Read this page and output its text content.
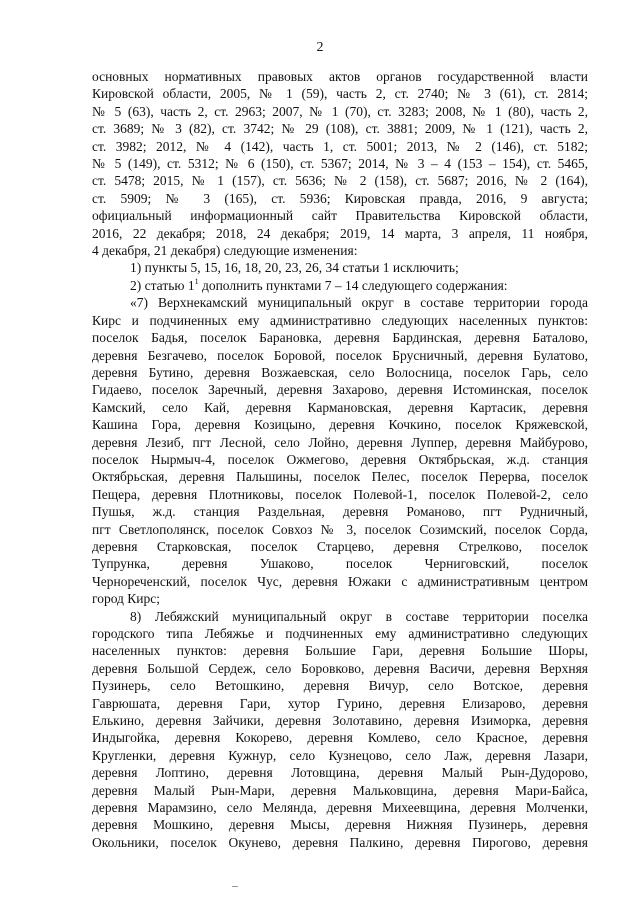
2
основных нормативных правовых актов органов государственной власти
Кировской области, 2005, № 1 (59), часть 2, ст. 2740; № 3 (61), ст. 2814;
№ 5 (63), часть 2, ст. 2963; 2007, № 1 (70), ст. 3283; 2008, № 1 (80), часть 2,
ст. 3689; № 3 (82), ст. 3742; № 29 (108), ст. 3881; 2009, № 1 (121), часть 2,
ст. 3982; 2012, № 4 (142), часть 1, ст. 5001; 2013, № 2 (146), ст. 5182;
№ 5 (149), ст. 5312; № 6 (150), ст. 5367; 2014, № 3 – 4 (153 – 154), ст. 5465,
ст. 5478; 2015, № 1 (157), ст. 5636; № 2 (158), ст. 5687; 2016, № 2 (164),
ст. 5909; № 3 (165), ст. 5936; Кировская правда, 2016, 9 августа;
официальный информационный сайт Правительства Кировской области,
2016, 22 декабря; 2018, 24 декабря; 2019, 14 марта, 3 апреля, 11 ноября,
4 декабря, 21 декабря) следующие изменения:
1) пункты 5, 15, 16, 18, 20, 23, 26, 34 статьи 1 исключить;
2) статью $1^1$ дополнить пунктами 7 – 14 следующего содержания:
«7) Верхнекамский муниципальный округ в составе территории города
Кирс и подчиненных ему административно следующих населенных пунктов:
поселок Бадья, поселок Барановка, деревня Бардинская, деревня Баталово,
деревня Безгачево, поселок Боровой, поселок Брусничный, деревня Булатово,
деревня Бутино, деревня Возжаевская, село Волосница, поселок Гарь, село
Гидаево, поселок Заречный, деревня Захарово, деревня Истоминская, поселок
Камский, село Кай, деревня Кармановская, деревня Картасик, деревня
Кашина Гора, деревня Козицыно, деревня Кочкино, поселок Кряжевской,
деревня Лезиб, пгт Лесной, село Лойно, деревня Луппер, деревня Майбурово,
поселок Нырмыч-4, поселок Ожмегово, деревня Октябрьская, ж.д. станция
Октябрьская, деревня Пальшины, поселок Пелес, поселок Перерва, поселок
Пещера, деревня Плотниковы, поселок Полевой-1, поселок Полевой-2, село
Пушья, ж.д. станция Раздельная, деревня Романово, пгт Рудничный,
пгт Светлополянск, поселок Совхоз № 3, поселок Созимский, поселок Сорда,
деревня Старковская, поселок Старцево, деревня Стрелково, поселок
Тупрунка, деревня Ушаково, поселок Черниговский, поселок
Чернореченский, поселок Чус, деревня Южаки с административным центром
город Кирс;
8) Лебяжский муниципальный округ в составе территории поселка
городского типа Лебяжье и подчиненных ему административно следующих
населенных пунктов: деревня Большие Гари, деревня Большие Шоры,
деревня Большой Сердеж, село Боровково, деревня Васичи, деревня Верхняя
Пузинерь, село Ветошкино, деревня Вичур, село Вотское, деревня
Гаврюшата, деревня Гари, хутор Гурино, деревня Елизарово, деревня
Елькино, деревня Зайчики, деревня Золотавино, деревня Изиморка, деревня
Индыгойка, деревня Кокорево, деревня Комлево, село Красное, деревня
Кругленки, деревня Кужнур, село Кузнецово, село Лаж, деревня Лазари,
деревня Лоптино, деревня Лотовщина, деревня Малый Рын-Дудорово,
деревня Малый Рын-Мари, деревня Мальковщина, деревня Мари-Байса,
деревня Марамзино, село Мелянда, деревня Михеевщина, деревня Молченки,
деревня Мошкино, деревня Мысы, деревня Нижняя Пузинерь, деревня
Окольники, поселок Окунево, деревня Палкино, деревня Пирогово, деревня
